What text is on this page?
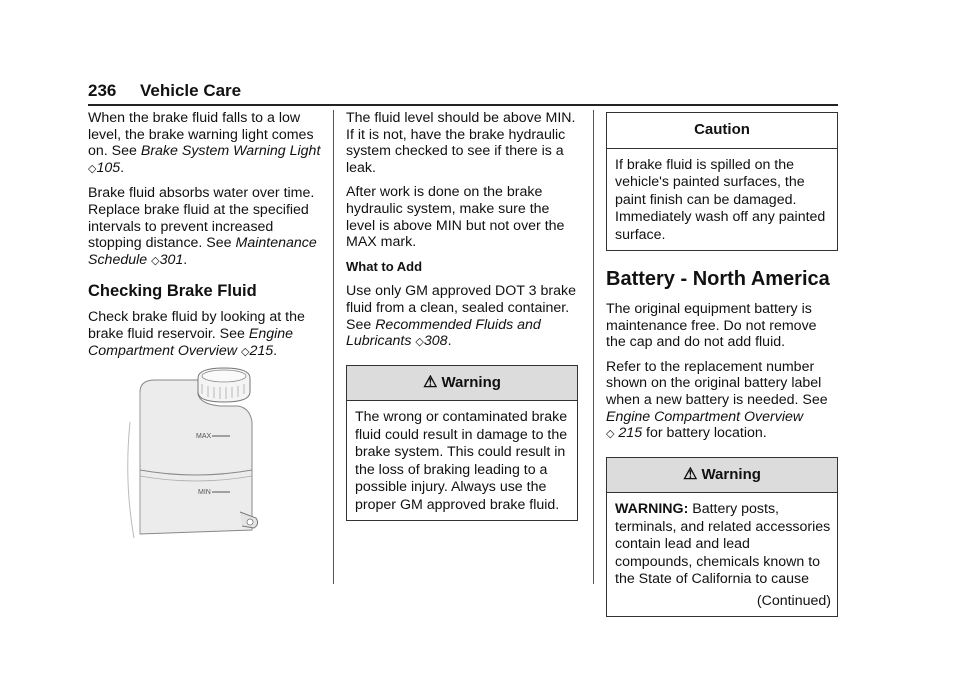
236 Vehicle Care

When the brake fluid falls to a low level, the brake warning light comes on. See Brake System Warning Light ◇105.

Brake fluid absorbs water over time. Replace brake fluid at the specified intervals to prevent increased stopping distance. See Maintenance Schedule ◇301.

Checking Brake Fluid

Check brake fluid by looking at the brake fluid reservoir. See Engine Compartment Overview ◇215.

MAX
MIN

The fluid level should be above MIN. If it is not, have the brake hydraulic system checked to see if there is a leak.

After work is done on the brake hydraulic system, make sure the level is above MIN but not over the MAX mark.

What to Add

Use only GM approved DOT 3 brake fluid from a clean, sealed container. See Recommended Fluids and Lubricants ◇308.

⚠ Warning

The wrong or contaminated brake fluid could result in damage to the brake system. This could result in the loss of braking leading to a possible injury. Always use the proper GM approved brake fluid.

Caution

If brake fluid is spilled on the vehicle's painted surfaces, the paint finish can be damaged. Immediately wash off any painted surface.

Battery - North America

The original equipment battery is maintenance free. Do not remove the cap and do not add fluid.

Refer to the replacement number shown on the original battery label when a new battery is needed. See Engine Compartment Overview ◇ 215 for battery location.

⚠ Warning

WARNING: Battery posts, terminals, and related accessories contain lead and lead compounds, chemicals known to the State of California to cause

(Continued)
